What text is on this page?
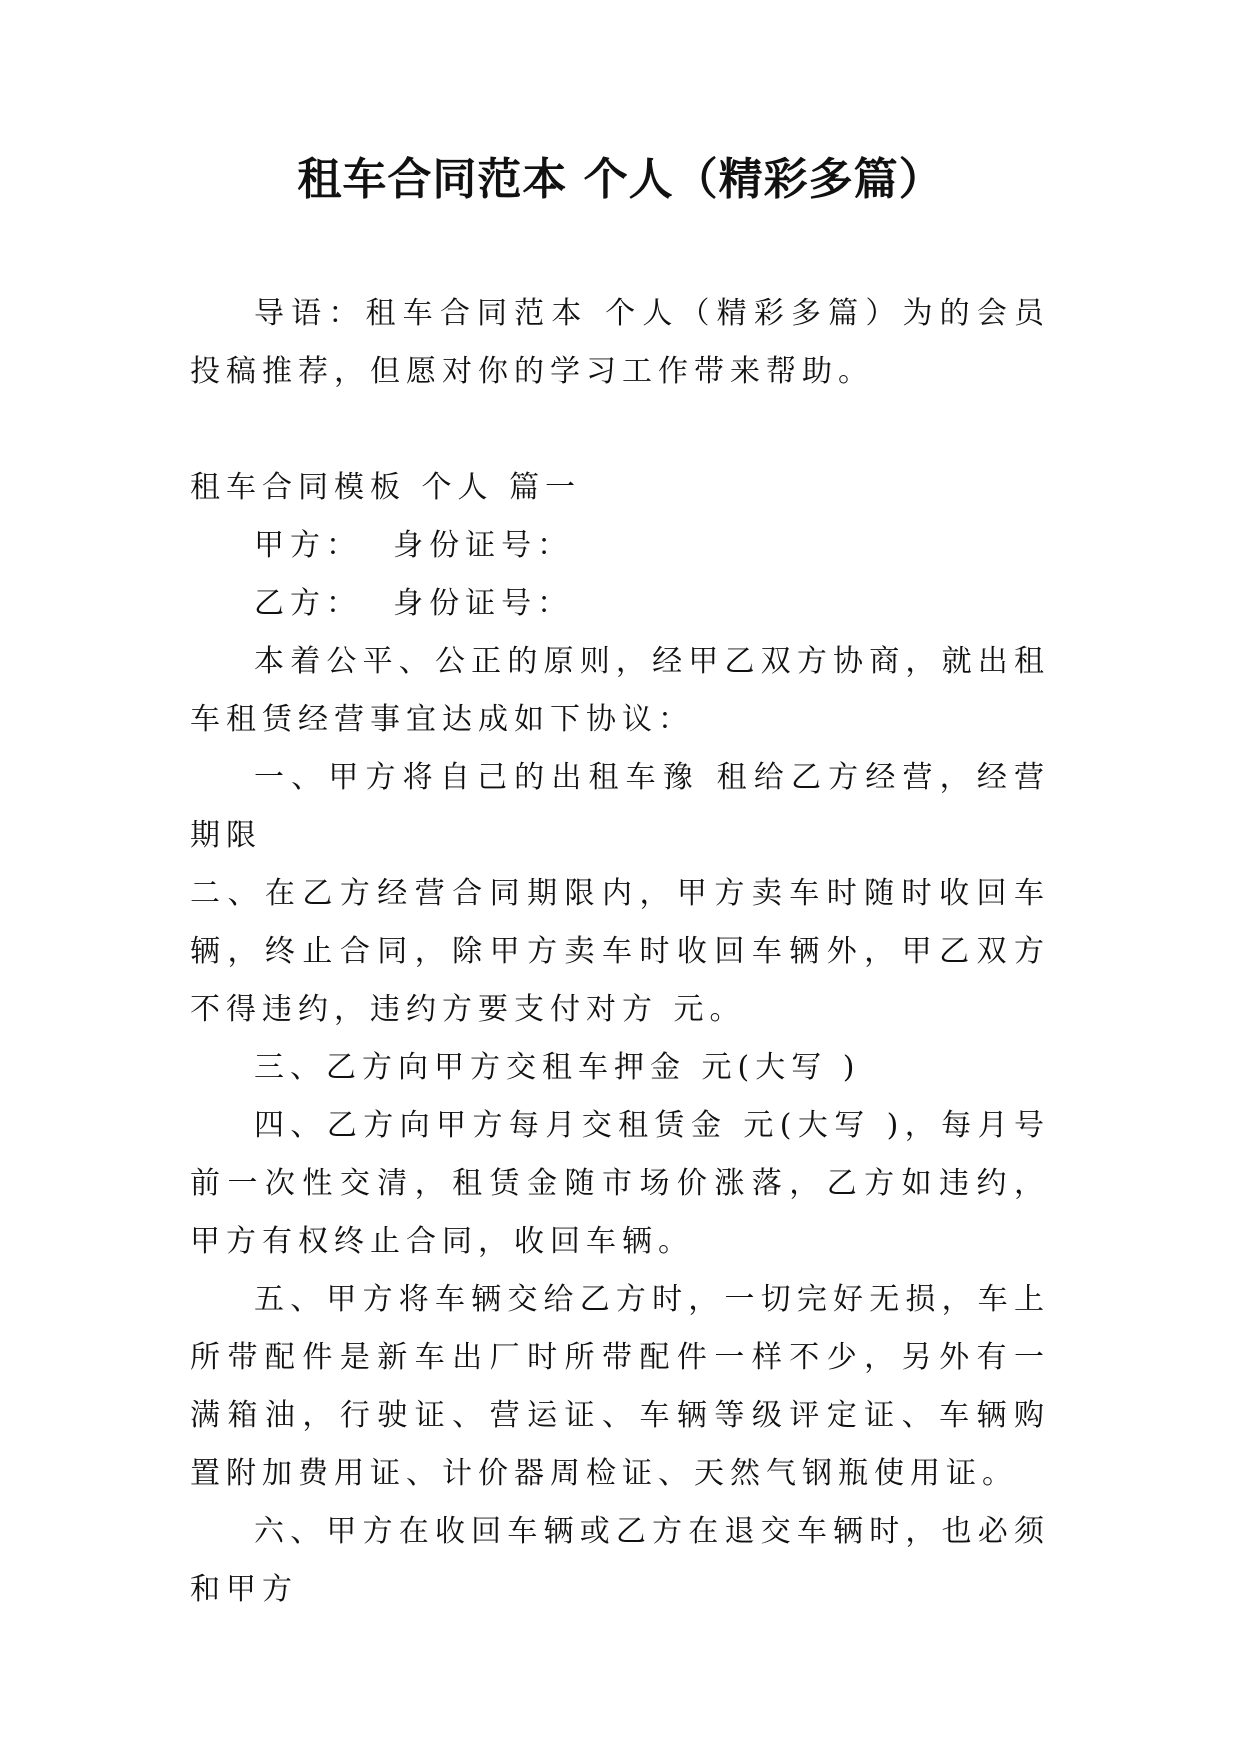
租车合同范本 个人（精彩多篇）

导语：租车合同范本 个人（精彩多篇）为的会员投稿推荐，但愿对你的学习工作带来帮助。

租车合同模板 个人 篇一

甲方：  身份证号：

乙方：  身份证号：

本着公平、公正的原则，经甲乙双方协商，就出租车租赁经营事宜达成如下协议：

一、甲方将自己的出租车豫 租给乙方经营，经营期限

二、在乙方经营合同期限内，甲方卖车时随时收回车辆，终止合同，除甲方卖车时收回车辆外，甲乙双方不得违约，违约方要支付对方 元。

三、乙方向甲方交租车押金 元(大写 )

四、乙方向甲方每月交租赁金 元(大写 )，每月号前一次性交清，租赁金随市场价涨落，乙方如违约，甲方有权终止合同，收回车辆。

五、甲方将车辆交给乙方时，一切完好无损，车上所带配件是新车出厂时所带配件一样不少，另外有一满箱油，行驶证、营运证、车辆等级评定证、车辆购置附加费用证、计价器周检证、天然气钢瓶使用证。

六、甲方在收回车辆或乙方在退交车辆时，也必须和甲方
